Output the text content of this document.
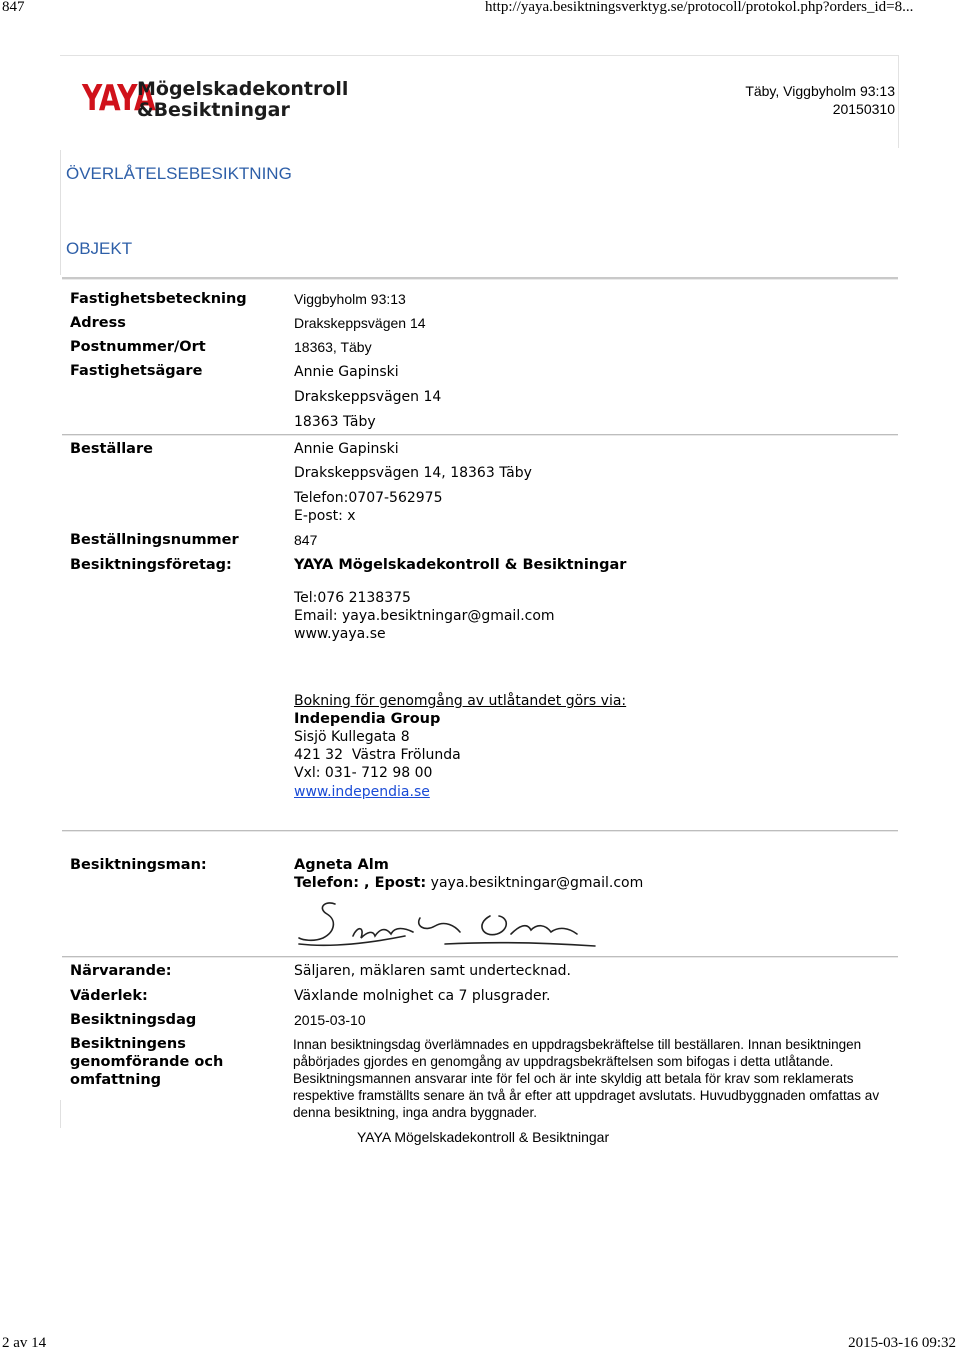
847	http://yaya.besiktningsverktyg.se/protocoll/protokol.php?orders_id=8...
YAYA
Mögelskadekontroll
&Besiktningar
Täby, Viggbyholm 93:13
20150310
ÖVERLÅTELSEBESIKTNING
OBJEKT
Fastighetsbeteckning	Viggbyholm 93:13
Adress	Drakskeppsvägen 14
Postnummer/Ort	18363, Täby
Fastighetsägare	Annie Gapinski
Drakskeppsvägen 14
18363 Täby
Beställare	Annie Gapinski
Drakskeppsvägen 14, 18363 Täby
Telefon:0707-562975
E-post: x
Beställningsnummer	847
Besiktningsföretag:	YAYA Mögelskadekontroll & Besiktningar
Tel:076 2138375
Email: yaya.besiktningar@gmail.com
www.yaya.se
Bokning för genomgång av utlåtandet görs via:
Independia Group
Sisjö Kullegata 8
421 32  Västra Frölunda
Vxl: 031- 712 98 00
www.independia.se
Besiktningsman:	Agneta Alm
Telefon: , Epost: yaya.besiktningar@gmail.com
Närvarande:	Säljaren, mäklaren samt undertecknad.
Väderlek:	Växlande molnighet ca 7 plusgrader.
Besiktningsdag	2015-03-10
Besiktningens
genomförande och
omfattning
Innan besiktningsdag överlämnades en uppdragsbekräftelse till beställaren. Innan besiktningen påbörjades gjordes en genomgång av uppdragsbekräftelsen som bifogas i detta utlåtande. Besiktningsmannen ansvarar inte för fel och är inte skyldig att betala för krav som reklamerats respektive framställts senare än två år efter att uppdraget avslutats. Huvudbyggnaden omfattas av denna besiktning, inga andra byggnader.
YAYA Mögelskadekontroll & Besiktningar
2 av 14	2015-03-16 09:32
